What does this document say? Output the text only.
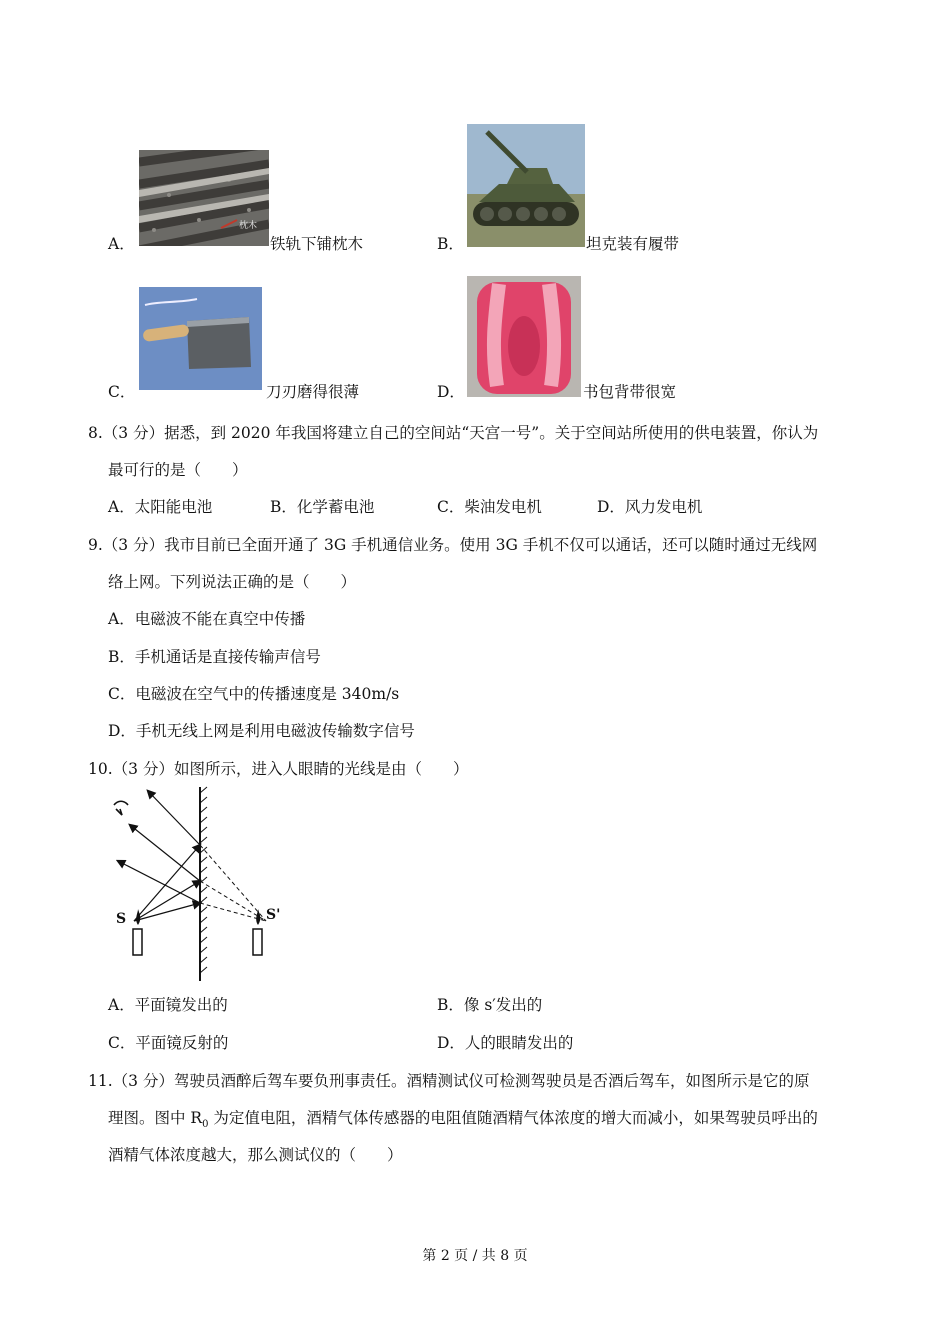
A．
枕木
铁轨下铺枕木	B．	坦克装有履带
C．	刀刃磨得很薄	D．	书包背带很宽
8.（3 分）据悉，到 2020 年我国将建立自己的空间站“天宫一号”。关于空间站所使用的供电装置，你认为
最可行的是（　　）
A．太阳能电池	B．化学蓄电池	C．柴油发电机	D．风力发电机
9.（3 分）我市目前已全面开通了 3G 手机通信业务。使用 3G 手机不仅可以通话，还可以随时通过无线网
络上网。下列说法正确的是（　　）
A．电磁波不能在真空中传播
B．手机通话是直接传输声信号
C．电磁波在空气中的传播速度是 340m/s
D．手机无线上网是利用电磁波传输数字信号
10.（3 分）如图所示，进入人眼睛的光线是由（　　）
S	S'
A．平面镜发出的	B．像 s′发出的
C．平面镜反射的	D．人的眼睛发出的
11.（3 分）驾驶员酒醉后驾车要负刑事责任。酒精测试仪可检测驾驶员是否酒后驾车，如图所示是它的原
理图。图中 $R_0$ 为定值电阻，酒精气体传感器的电阻值随酒精气体浓度的增大而减小，如果驾驶员呼出的
酒精气体浓度越大，那么测试仪的（　　）
第 2 页 / 共 8 页
